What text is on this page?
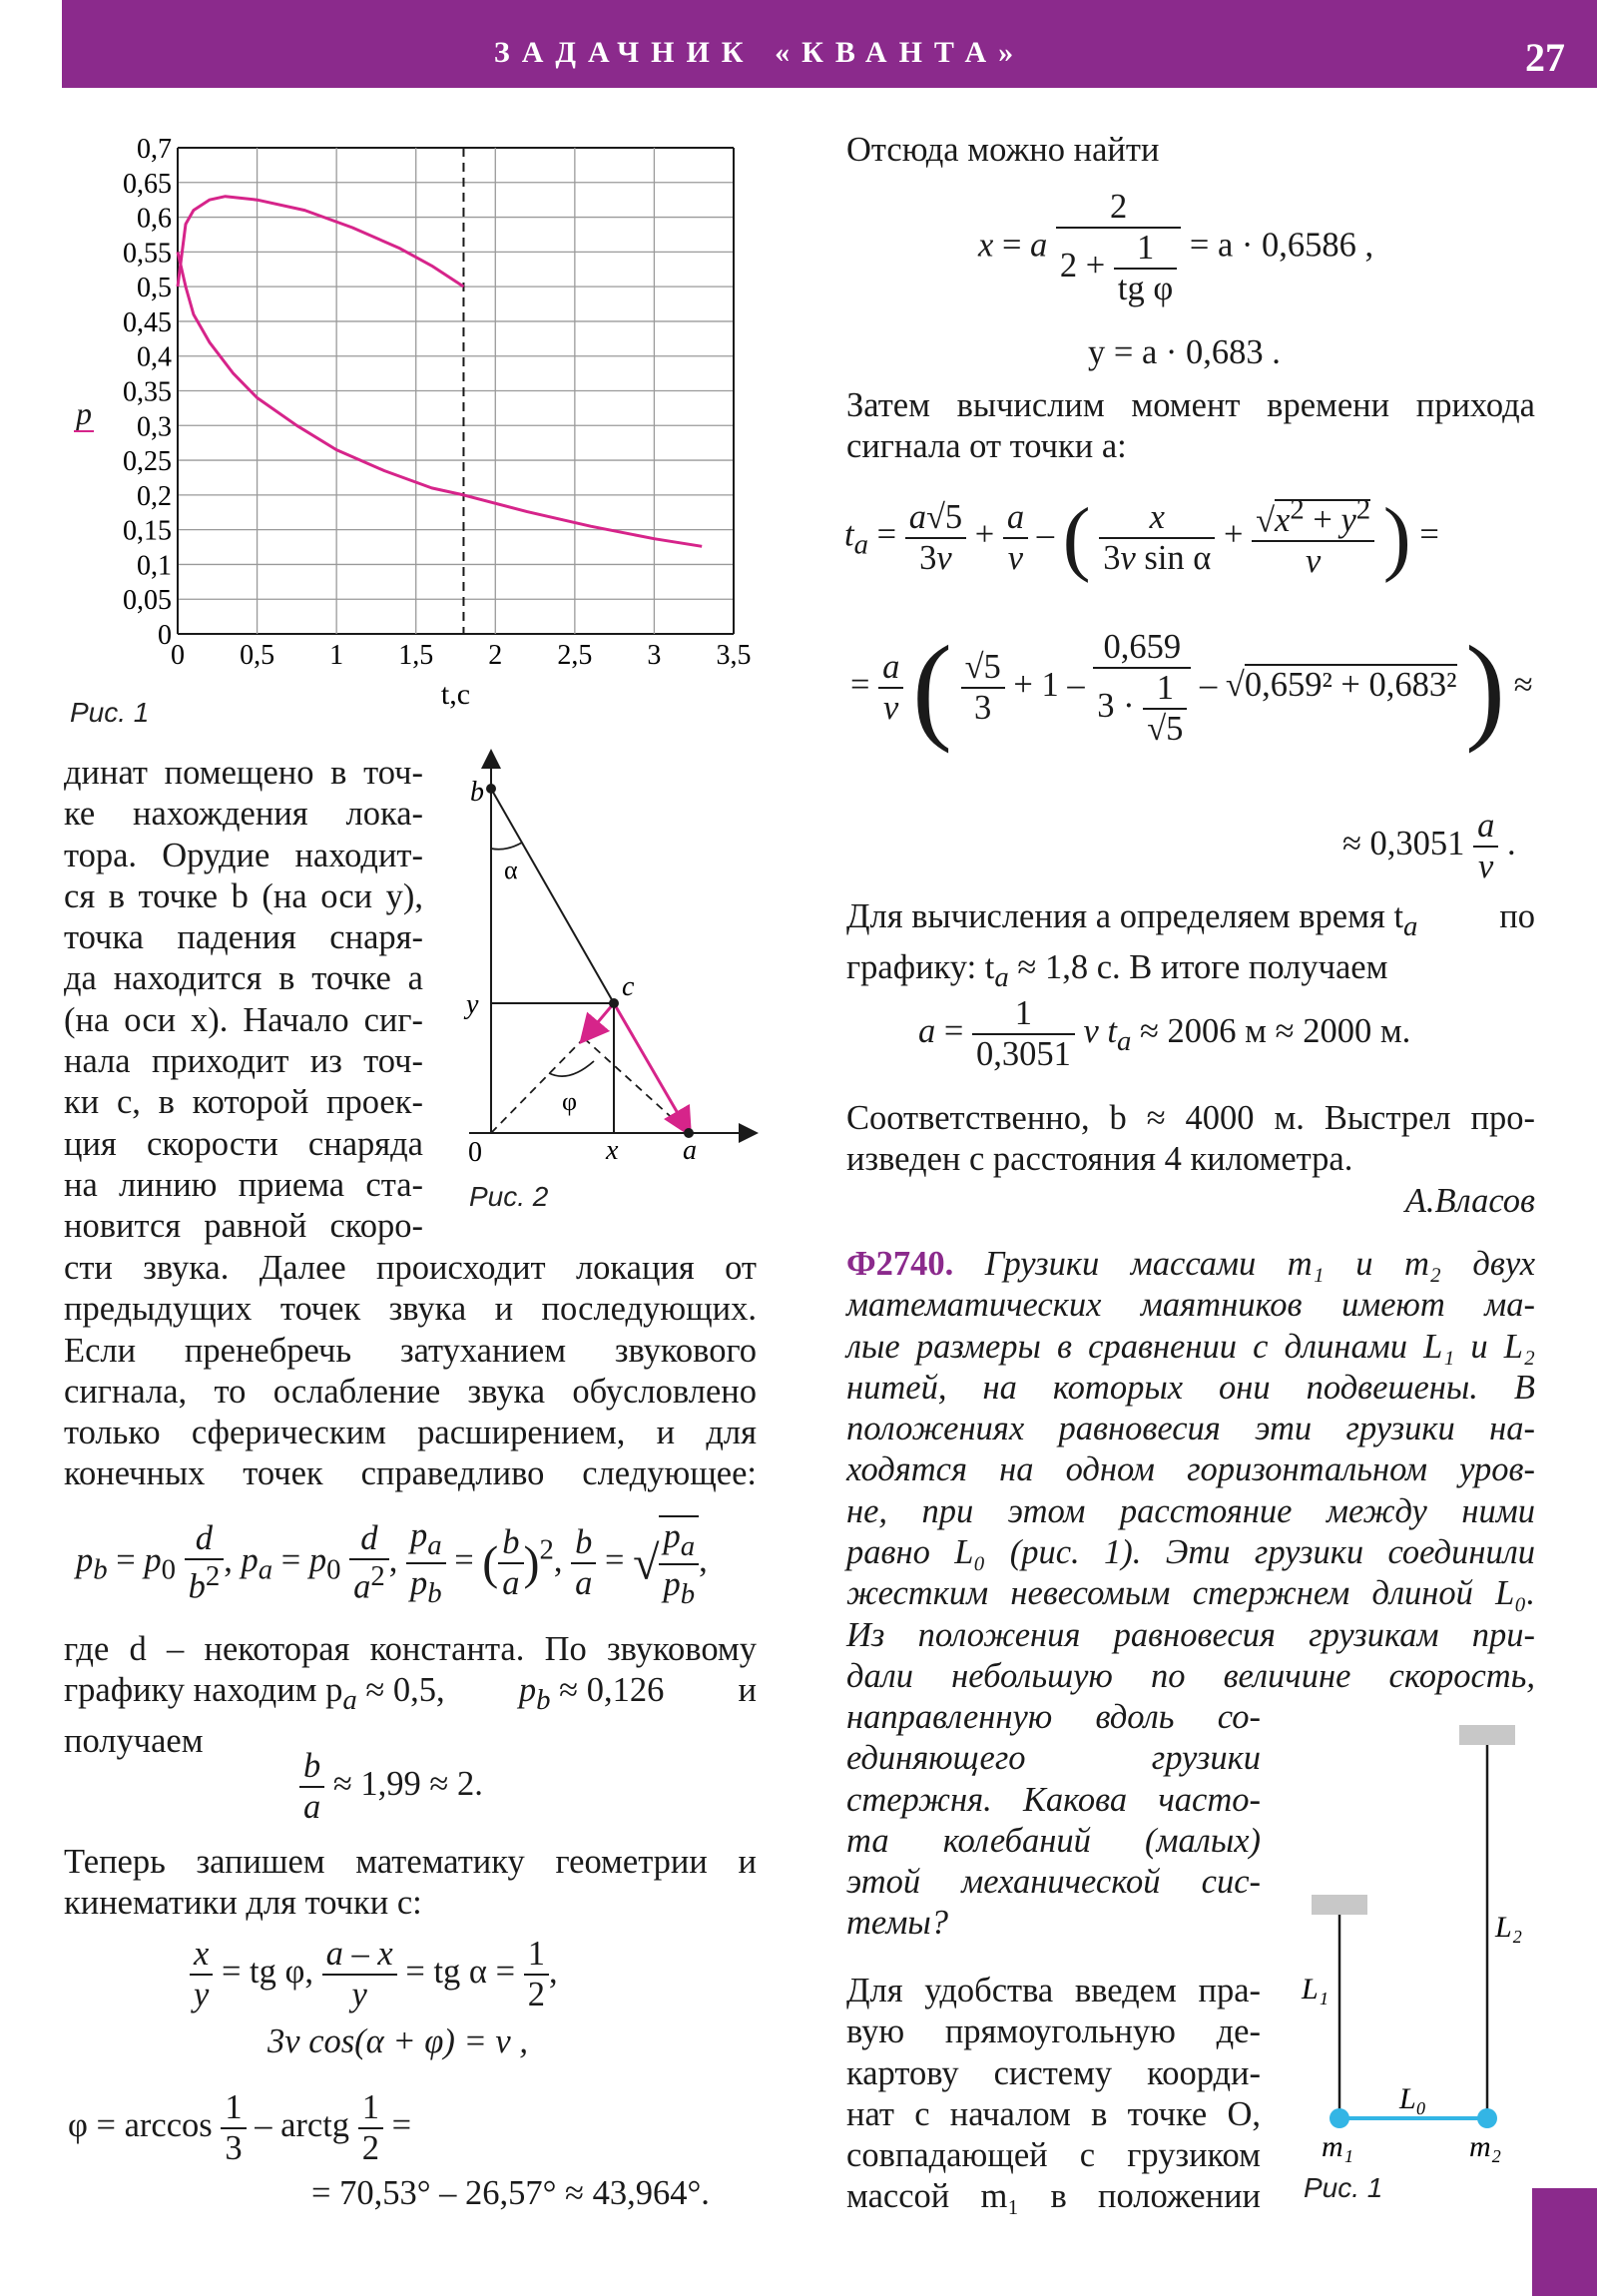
ЗАДАЧНИК «КВАНТА»	27
0,7
0,65
0,6
0,55
0,5
0,45
0,4
0,35
0,3
0,25
0,2
0,15
0,1
0,05
0
0 0,5 1 1,5 2 2,5 3 3,5
p
t,c
Рис. 1
b
α
c
y
φ
0	x a
Рис. 2
динат помещено в точ-
ке нахождения лока-
тора. Орудие находит-
ся в точке b (на оси y),
точка падения снаря-
да находится в точке a
(на оси x). Начало сиг-
нала приходит из точ-
ки c, в которой проек-
ция скорости снаряда
на линию приема ста-
новится равной скоро-
сти звука. Далее происходит локация от
предыдущих точек звука и последующих.
Если пренебречь затуханием звукового
сигнала, то ослабление звука обусловлено
только сферическим расширением, и для
конечных точек справедливо следующее:
$p_b = p_0 \frac{d}{b^2}$ , $p_a = p_0 \frac{d}{a^2}$ , $\frac{p_a}{p_b}$ = ( $\frac{b}{a} )^2$, $\frac{b}{a}$ = √ $\frac{p_a}{p_b}$ ,
где d – некоторая константа. По звуковому
графику находим $p_a \approx 0,5$, $p_b \approx 0,126$ и
получаем
$\frac{b}{a} \approx 1,99 \approx 2$.
Теперь запишем математику геометрии и
кинематики для точки c:
$\frac{x}{y}$ = tg φ, $\frac{a - x}{y}$ = tg $\alpha = \frac{1}{2}$ ,
3v cos(α + φ) = v ,
$\varphi = \arccos \frac{1}{3}$ – arctg $\frac{1}{2}$ =
= 70,53° – 26,57° ≈ 43,964°.
Отсюда можно найти
x = a $\frac{2}{2 + \frac{1}{\text{tg φ}}} = a \cdot 0,6586$ ,
y = a · 0,683 .
Затем вычислим момент времени прихода
сигнала от точки a:
$t_a = \frac{a√5}{3v} + \frac{a}{v}$ – ( $\frac{x}{\text{3v sin α}} + \frac{√x^2 + y^2}{v}$ ) =
= $\frac{a}{v}$ ( $\frac{√5}{3} + 1 - \frac{0,659}{3 \cdot \frac{1}{√5}} - √0,659^2 + 0,683^2$ ) ≈
≈ $0,3051 \frac{a}{v}$ .
Для вычисления a определяем время $t_a$ по
графику: $t_a \approx 1,8$ c. В итоге получаем
$a = \frac{1}{0,3051}$ v $t_a \approx 2006$ м ≈ 2000 м.
Соответственно, b ≈ 4000 м. Выстрел про-
изведен с расстояния 4 километра.
А.Власов
Ф2740. Грузики массами m₁ и m₂ двух
математических маятников имеют ма-
лые размеры в сравнении с длинами L₁ и L₂
нитей, на которых они подвешены. В
положениях равновесия эти грузики на-
ходятся на одном горизонтальном уров-
не, при этом расстояние между ними
равно L₀ (рис. 1). Эти грузики соединили
жестким невесомым стержнем длиной L₀.
Из положения равновесия грузикам при-
дали небольшую по величине скорость,
направленную вдоль со-
единяющего грузики
стержня. Какова часто-
та колебаний (малых)
этой механической сис-
темы?
Для удобства введем пра-
вую прямоугольную де-
картову систему коорди-
нат с началом в точке O,
совпадающей с грузиком
массой m₁ в положении
L₁
L₂
L₀
m₁	m₂
Рис. 1
